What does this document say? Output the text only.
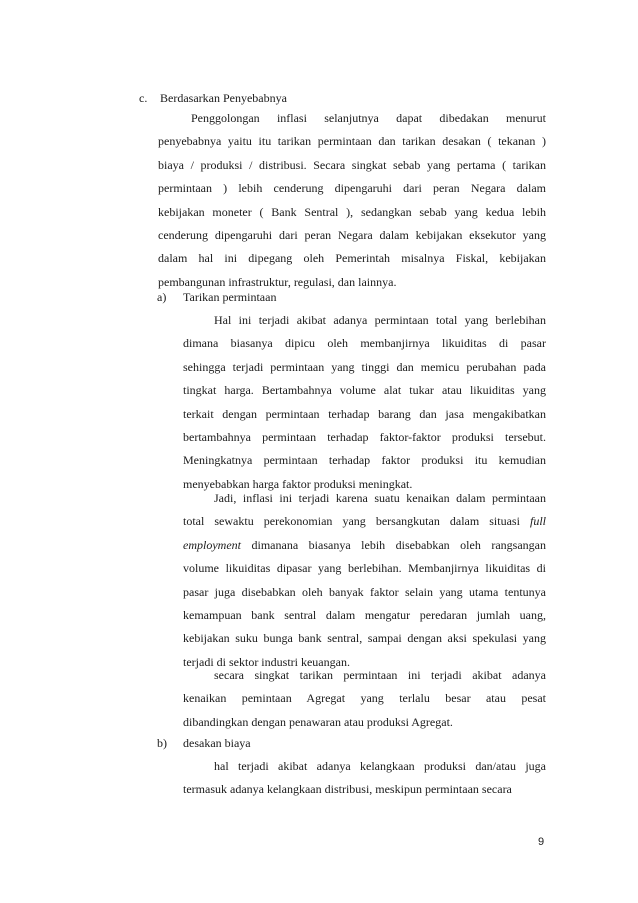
c. Berdasarkan Penyebabnya
Penggolongan inflasi selanjutnya dapat dibedakan menurut
penyebabnya yaitu itu tarikan permintaan dan tarikan desakan ( tekanan )
biaya / produksi / distribusi. Secara singkat sebab yang pertama ( tarikan
permintaan ) lebih cenderung dipengaruhi dari peran Negara dalam
kebijakan moneter ( Bank Sentral ), sedangkan sebab yang kedua lebih
cenderung dipengaruhi dari peran Negara dalam kebijakan eksekutor yang
dalam hal ini dipegang oleh Pemerintah misalnya Fiskal, kebijakan
pembangunan infrastruktur, regulasi, dan lainnya.
a) Tarikan permintaan
Hal ini terjadi akibat adanya permintaan total yang berlebihan
dimana biasanya dipicu oleh membanjirnya likuiditas di pasar
sehingga terjadi permintaan yang tinggi dan memicu perubahan pada
tingkat harga. Bertambahnya volume alat tukar atau likuiditas yang
terkait dengan permintaan terhadap barang dan jasa mengakibatkan
bertambahnya permintaan terhadap faktor-faktor produksi tersebut.
Meningkatnya permintaan terhadap faktor produksi itu kemudian
menyebabkan harga faktor produksi meningkat.
Jadi, inflasi ini terjadi karena suatu kenaikan dalam permintaan
total sewaktu perekonomian yang bersangkutan dalam situasi full
employment dimanana biasanya lebih disebabkan oleh rangsangan
volume likuiditas dipasar yang berlebihan. Membanjirnya likuiditas di
pasar juga disebabkan oleh banyak faktor selain yang utama tentunya
kemampuan bank sentral dalam mengatur peredaran jumlah uang,
kebijakan suku bunga bank sentral, sampai dengan aksi spekulasi yang
terjadi di sektor industri keuangan.
secara singkat tarikan permintaan ini terjadi akibat adanya
kenaikan pemintaan Agregat yang terlalu besar atau pesat
dibandingkan dengan penawaran atau produksi Agregat.
b) desakan biaya
hal terjadi akibat adanya kelangkaan produksi dan/atau juga
termasuk adanya kelangkaan distribusi, meskipun permintaan secara
9
